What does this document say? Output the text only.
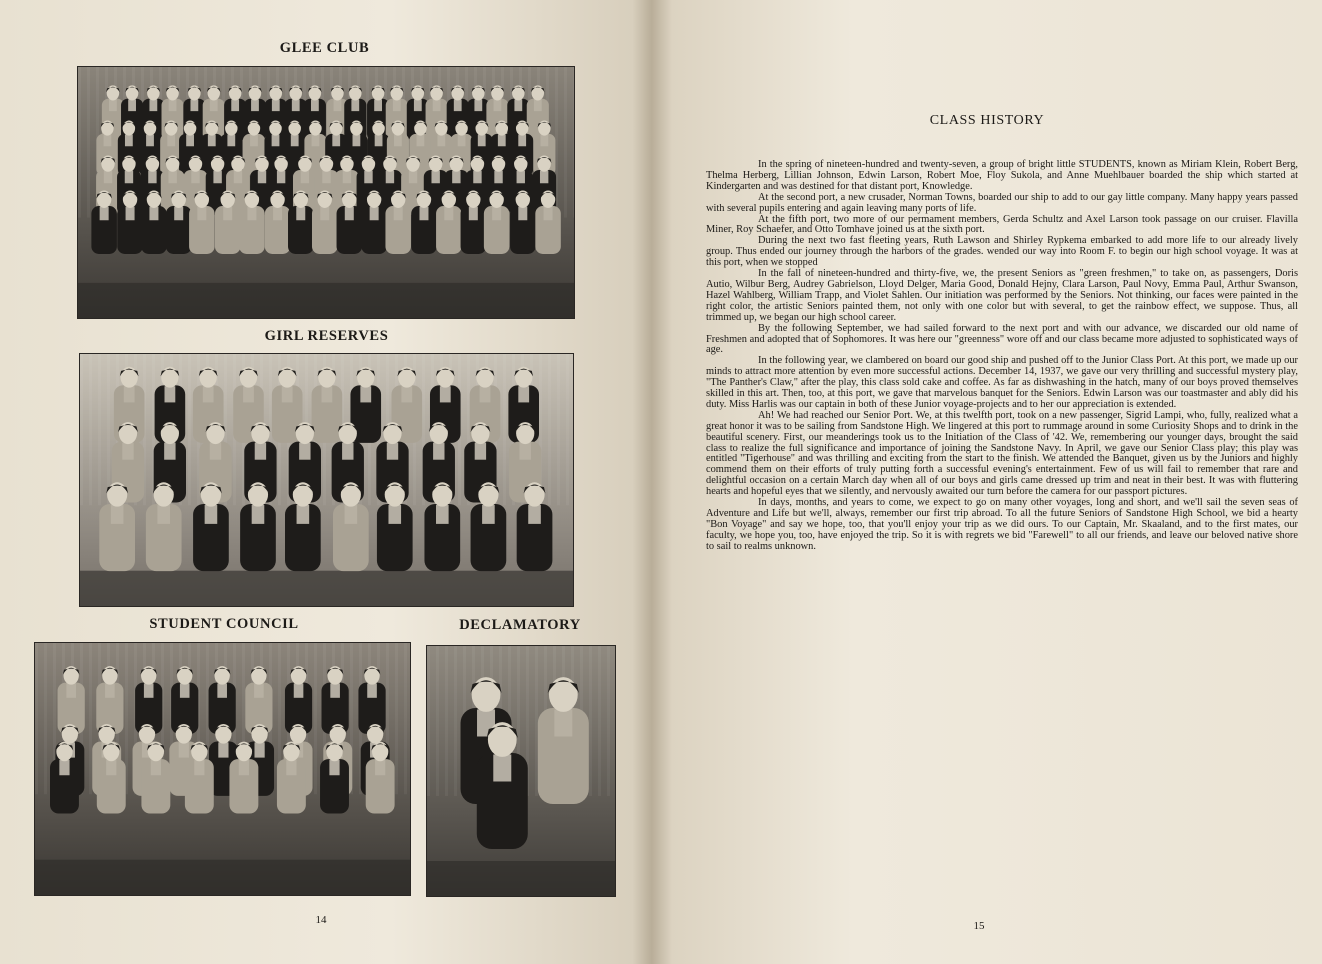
GLEE CLUB
GIRL RESERVES
STUDENT COUNCIL	DECLAMATORY
14
CLASS HISTORY

In the spring of nineteen-hundred and twenty-seven, a group of bright little STUDENTS, known as Miriam Klein, Robert Berg, Thelma Herberg, Lillian Johnson, Edwin Larson, Robert Moe, Floy Sukola, and Anne Muehlbauer boarded the ship which started at Kindergarten and was destined for that distant port, Knowledge.

At the second port, a new crusader, Norman Towns, boarded our ship to add to our gay little company. Many happy years passed with several pupils entering and again leaving many ports of life.

At the fifth port, two more of our permament members, Gerda Schultz and Axel Larson took passage on our cruiser. Flavilla Miner, Roy Schaefer, and Otto Tomhave joined us at the sixth port.

During the next two fast fleeting years, Ruth Lawson and Shirley Rypkema embarked to add more life to our already lively group. Thus ended our journey through the harbors of the grades. wended our way into Room F. to begin our high school voyage. It was at this port, when we stopped

In the fall of nineteen-hundred and thirty-five, we, the present Seniors as "green freshmen," to take on, as passengers, Doris Autio, Wilbur Berg, Audrey Gabrielson, Lloyd Delger, Maria Good, Donald Hejny, Clara Larson, Paul Novy, Emma Paul, Arthur Swanson, Hazel Wahlberg, William Trapp, and Violet Sahlen. Our initiation was performed by the Seniors. Not thinking, our faces were painted in the right color, the artistic Seniors painted them, not only with one color but with several, to get the rainbow effect, we suppose. Thus, all trimmed up, we began our high school career.

By the following September, we had sailed forward to the next port and with our advance, we discarded our old name of Freshmen and adopted that of Sophomores. It was here our "greenness" wore off and our class became more adjusted to sophisticated ways of age.

In the following year, we clambered on board our good ship and pushed off to the Junior Class Port. At this port, we made up our minds to attract more attention by even more successful actions. December 14, 1937, we gave our very thrilling and successful mystery play, "The Panther's Claw," after the play, this class sold cake and coffee. As far as dishwashing in the hatch, many of our boys proved themselves skilled in this art. Then, too, at this port, we gave that marvelous banquet for the Seniors. Edwin Larson was our toastmaster and ably did his duty. Miss Harlis was our captain in both of these Junior voyage-projects and to her our appreciation is extended.

Ah! We had reached our Senior Port. We, at this twelfth port, took on a new passenger, Sigrid Lampi, who, fully, realized what a great honor it was to be sailing from Sandstone High. We lingered at this port to rummage around in some Curiosity Shops and to drink in the beautiful scenery. First, our meanderings took us to the Initiation of the Class of '42. We, remembering our younger days, brought the said class to realize the full significance and importance of joining the Sandstone Navy. In April, we gave our Senior Class play; this play was entitled "Tigerhouse" and was thrilling and exciting from the start to the finish. We attended the Banquet, given us by the Juniors and highly commend them on their efforts of truly putting forth a successful evening's entertainment. Few of us will fail to remember that rare and delightful occasion on a certain March day when all of our boys and girls came dressed up trim and neat in their best. It was with fluttering hearts and hopeful eyes that we silently, and nervously awaited our turn before the camera for our passport pictures.

In days, months, and years to come, we expect to go on many other voyages, long and short, and we'll sail the seven seas of Adventure and Life but we'll, always, remember our first trip abroad. To all the future Seniors of Sandstone High School, we bid a hearty "Bon Voyage" and say we hope, too, that you'll enjoy your trip as we did ours. To our Captain, Mr. Skaaland, and to the first mates, our faculty, we hope you, too, have enjoyed the trip. So it is with regrets we bid "Farewell" to all our friends, and leave our beloved native shore to sail to realms unknown.

15
